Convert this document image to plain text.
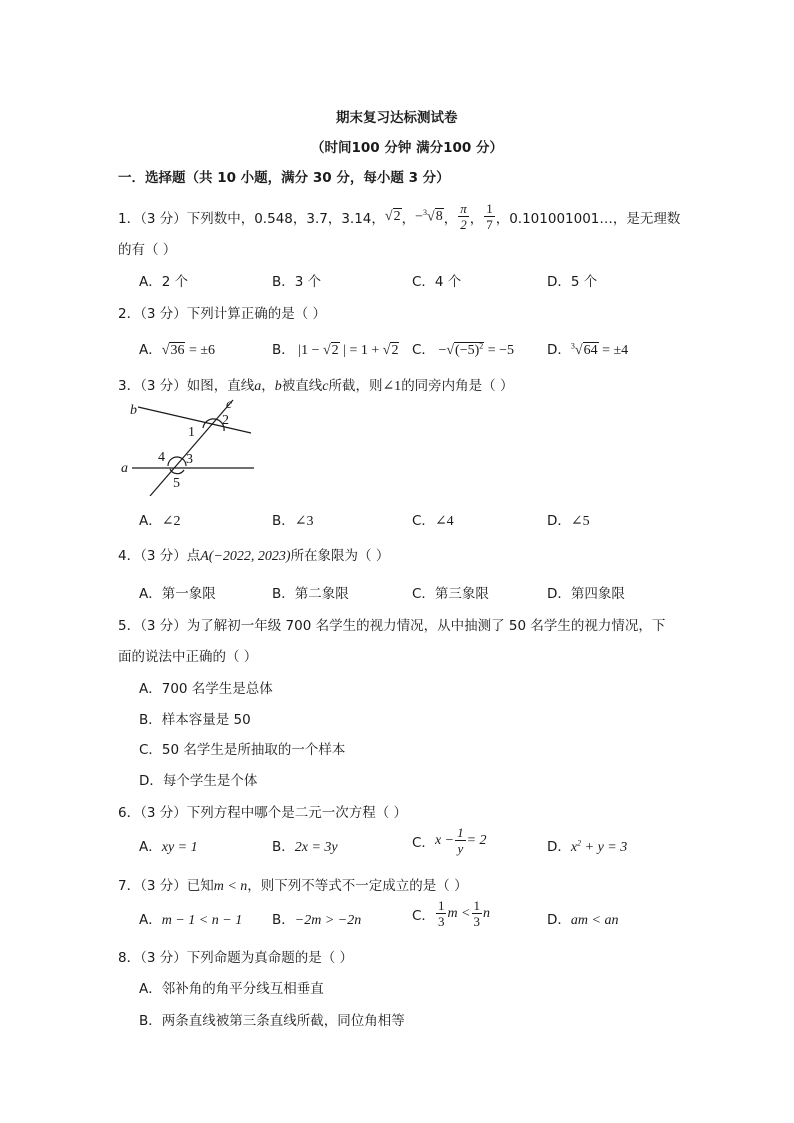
期末复习达标测试卷
（时间100 分钟 满分100 分）
一．选择题（共 10 小题，满分 30 分，每小题 3 分）
1．（3 分）下列数中，0.548，3.7，3.14， √2 ， −$^3$√8 ， $\frac{\pi}{2}$ ， $\frac{1}{7}$ ，0.101001001…，是无理数
的有（ ）
A．2 个	B．3 个	C．4 个	D．5 个
2．（3 分）下列计算正确的是（ ）
A．√36 = ±6	B． |1 − √2 | = 1 + √2 C． $-√(-5)^2 = -5$ D．$^3$√64 = ±4
3．（3 分）如图，直线a，b被直线c所截，则∠1的同旁内角是（ ）
b	c
a
1
2
3
4
5
A．∠2	B．∠3	C．∠4	D．∠5
4．（3 分）点A(−2022, 2023)所在象限为（ ）
A．第一象限	B．第二象限	C．第三象限	D．第四象限
5．（3 分）为了解初一年级 700 名学生的视力情况，从中抽测了 50 名学生的视力情况，下
面的说法中正确的（ ）
A．700 名学生是总体
B．样本容量是 50
C．50 名学生是所抽取的一个样本
D．每个学生是个体
6．（3 分）下列方程中哪个是二元一次方程（ ）
A．xy = 1	B．2x = 3y	C． $x - \frac{1}{y} = 2$	D．$x^2 + y = 3$
7．（3 分）已知m < n，则下列不等式不一定成立的是（ ）
A．m − 1 < n − 1 B．−2m > −2n	C． $\frac{1}{3}$ $m < \frac{1}{3}$ n	D．am < an
8．（3 分）下列命题为真命题的是（ ）
A．邻补角的角平分线互相垂直
B．两条直线被第三条直线所截，同位角相等
